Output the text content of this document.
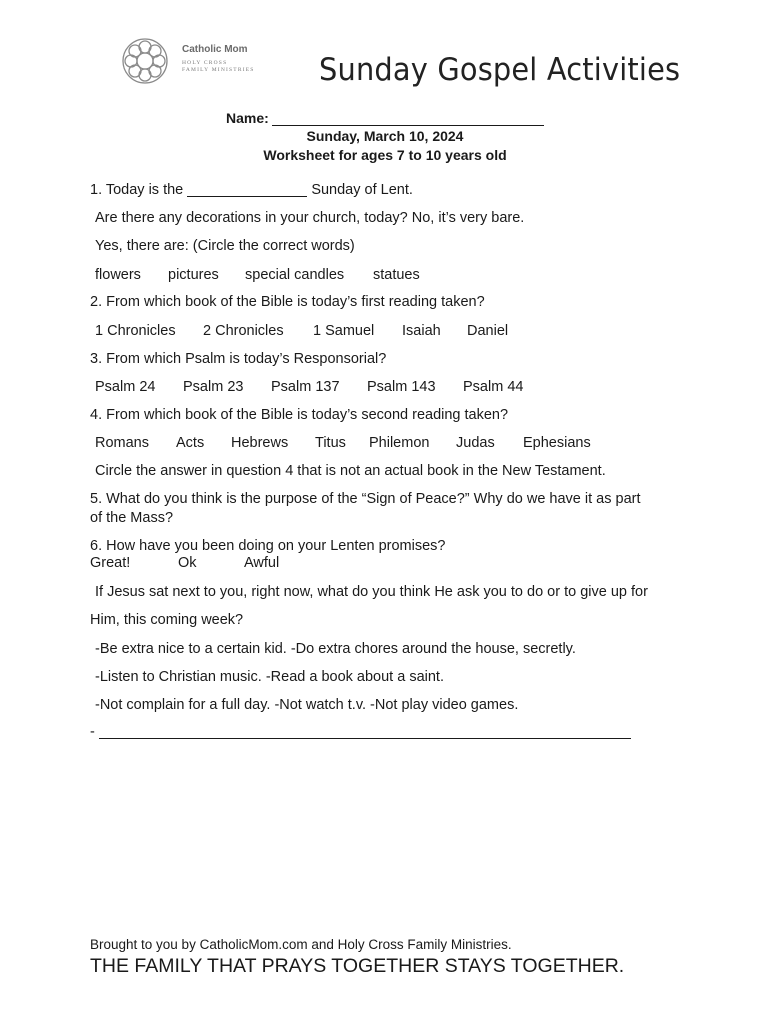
Catholic Mom
HOLY CROSS
FAMILY MINISTRIES Sunday Gospel Activities
Name:
Sunday, March 10, 2024
Worksheet for ages 7 to 10 years old
1. Today is the	Sunday of Lent.
Are there any decorations in your church, today? No, it’s very bare.
Yes, there are: (Circle the correct words)
flowers pictures special candles statues
2. From which book of the Bible is today’s first reading taken?
1 Chronicles 2 Chronicles 1 Samuel Isaiah Daniel
3. From which Psalm is today’s Responsorial?
Psalm 24 Psalm 23 Psalm 137 Psalm 143 Psalm 44
4. From which book of the Bible is today’s second reading taken?
Romans Acts Hebrews Titus Philemon Judas Ephesians
Circle the answer in question 4 that is not an actual book in the New Testament.
5. What do you think is the purpose of the “Sign of Peace?” Why do we have it as part
of the Mass?
6. How have you been doing on your Lenten promises?
Great!	Ok	Awful
If Jesus sat next to you, right now, what do you think He ask you to do or to give up for
Him, this coming week?
-Be extra nice to a certain kid. -Do extra chores around the house, secretly.
-Listen to Christian music. -Read a book about a saint.
-Not complain for a full day. -Not watch t.v. -Not play video games.
-
Brought to you by CatholicMom.com and Holy Cross Family Ministries.
THE FAMILY THAT PRAYS TOGETHER STAYS TOGETHER.
